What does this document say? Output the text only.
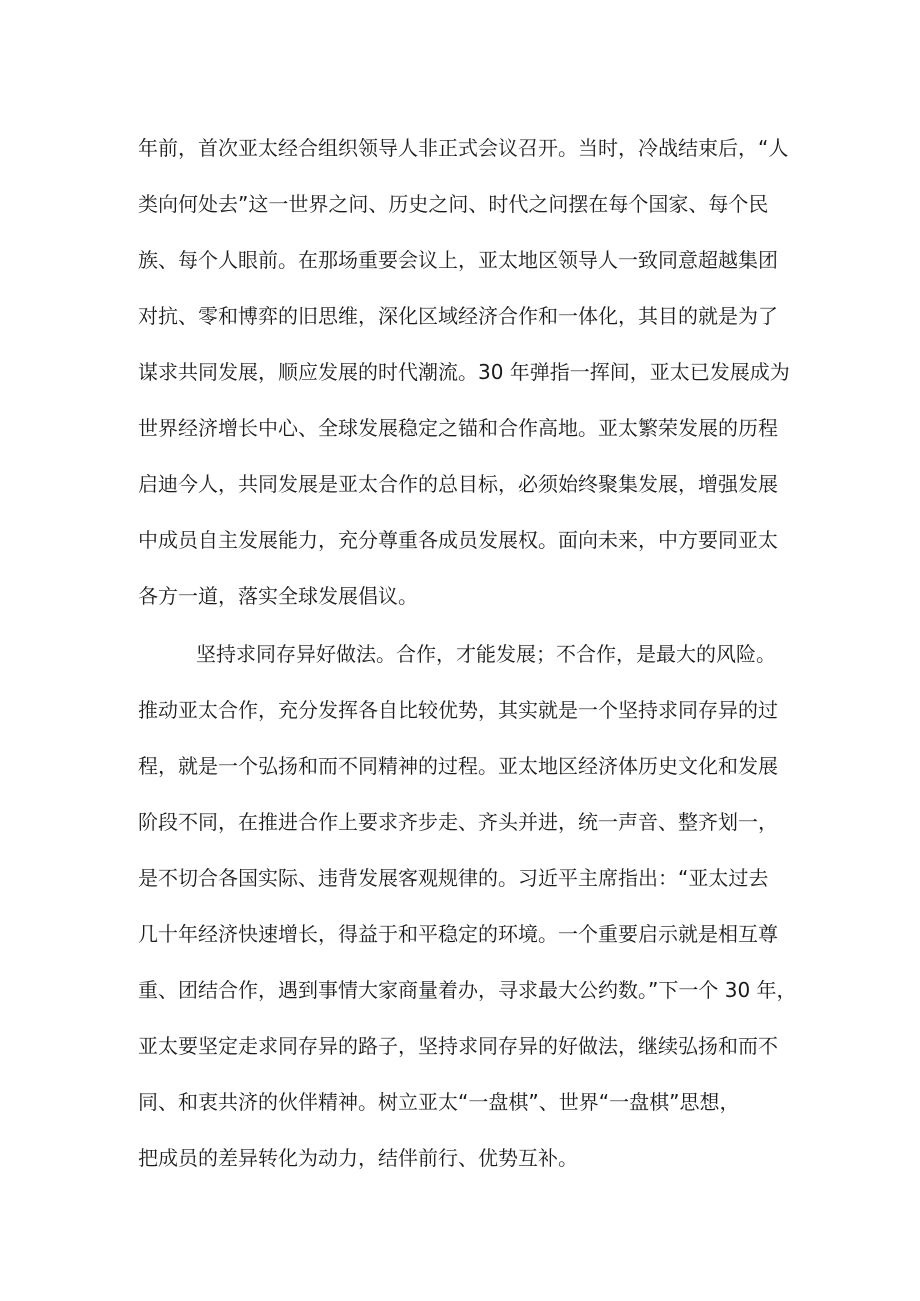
年前，首次亚太经合组织领导人非正式会议召开。当时，冷战结束后，“人
类向何处去”这一世界之问、历史之问、时代之问摆在每个国家、每个民
族、每个人眼前。在那场重要会议上，亚太地区领导人一致同意超越集团
对抗、零和博弈的旧思维，深化区域经济合作和一体化，其目的就是为了
谋求共同发展，顺应发展的时代潮流。30 年弹指一挥间，亚太已发展成为
世界经济增长中心、全球发展稳定之锚和合作高地。亚太繁荣发展的历程
启迪今人，共同发展是亚太合作的总目标，必须始终聚集发展，增强发展
中成员自主发展能力，充分尊重各成员发展权。面向未来，中方要同亚太
各方一道，落实全球发展倡议。
坚持求同存异好做法。合作，才能发展；不合作，是最大的风险。
推动亚太合作，充分发挥各自比较优势，其实就是一个坚持求同存异的过
程，就是一个弘扬和而不同精神的过程。亚太地区经济体历史文化和发展
阶段不同，在推进合作上要求齐步走、齐头并进，统一声音、整齐划一，
是不切合各国实际、违背发展客观规律的。习近平主席指出：“亚太过去
几十年经济快速增长，得益于和平稳定的环境。一个重要启示就是相互尊
重、团结合作，遇到事情大家商量着办，寻求最大公约数。”下一个 30 年，
亚太要坚定走求同存异的路子，坚持求同存异的好做法，继续弘扬和而不
同、和衷共济的伙伴精神。树立亚太“一盘棋”、世界“一盘棋”思想，
把成员的差异转化为动力，结伴前行、优势互补。
